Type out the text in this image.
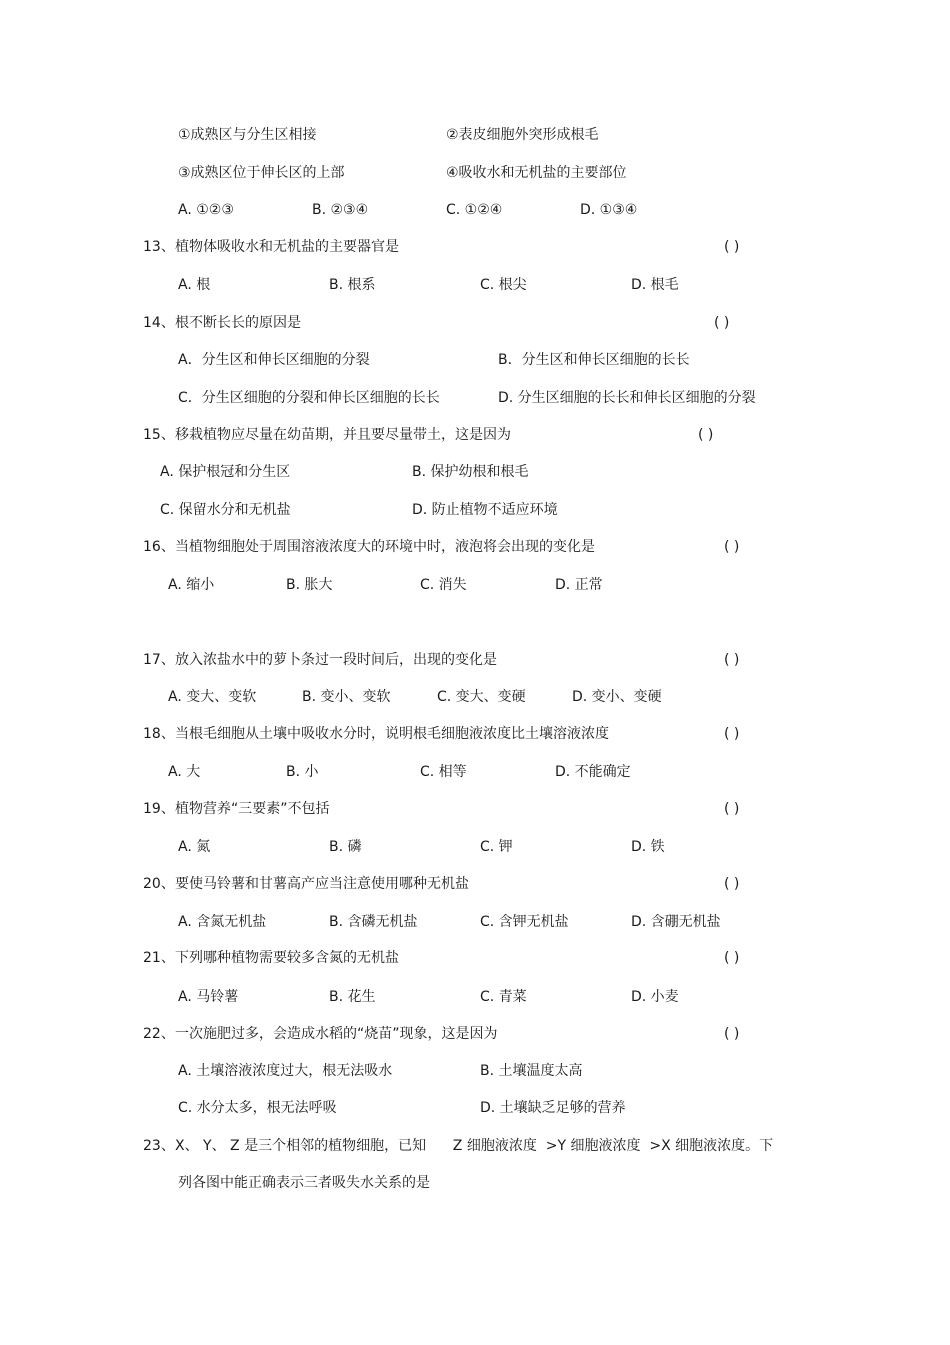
①成熟区与分生区相接	②表皮细胞外突形成根毛
③成熟区位于伸长区的上部	④吸收水和无机盐的主要部位
A. ①②③	B. ②③④	C. ①②④	D. ①③④
13、 植物体吸收水和无机盐的主要器官是	( )
A. 根	B. 根系	C. 根尖	D. 根毛
14、 根不断长长的原因是	( )
A．分生区和伸长区细胞的分裂	B．分生区和伸长区细胞的长长
C．分生区细胞的分裂和伸长区细胞的长长	D. 分生区细胞的长长和伸长区细胞的分裂
15、 移栽植物应尽量在幼苗期，并且要尽量带土，这是因为	( )
A. 保护根冠和分生区	B. 保护幼根和根毛
C. 保留水分和无机盐	D. 防止植物不适应环境
16、 当植物细胞处于周围溶液浓度大的环境中时，液泡将会出现的变化是	( )
A. 缩小	B. 胀大	C. 消失	D. 正常
17、 放入浓盐水中的萝卜条过一段时间后，出现的变化是	( )
A. 变大、变软	B. 变小、变软	C. 变大、变硬	D. 变小、变硬
18、 当根毛细胞从土壤中吸收水分时，说明根毛细胞液浓度比土壤溶液浓度	( )
A. 大	B. 小	C. 相等	D. 不能确定
19、 植物营养“三要素”不包括	( )
A. 氮	B. 磷	C. 钾	D. 铁
20、 要使马铃薯和甘薯高产应当注意使用哪种无机盐	( )
A. 含氮无机盐	B. 含磷无机盐	C. 含钾无机盐	D. 含硼无机盐
21、 下列哪种植物需要较多含氮的无机盐	( )
A. 马铃薯	B. 花生	C. 青菜	D. 小麦
22、 一次施肥过多，会造成水稻的“烧苗”现象，这是因为	( )
A. 土壤溶液浓度过大，根无法吸水	B. 土壤温度太高
C. 水分太多，根无法呼吸	D. 土壤缺乏足够的营养
23、 X、 Y、 Z 是三个相邻的植物细胞，已知      Z 细胞液浓度  >Y 细胞液浓度  >X 细胞液浓度。下
列各图中能正确表示三者吸失水关系的是
